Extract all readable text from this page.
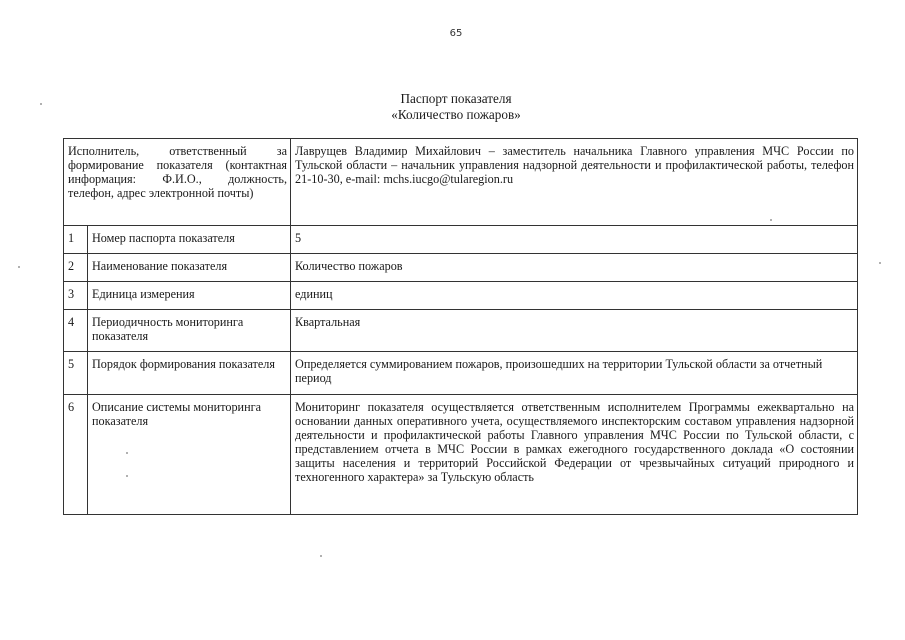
65
Паспорт показателя
«Количество пожаров»
Исполнитель, ответственный за формирование показателя (контактная информация: Ф.И.О., должность, телефон, адрес электронной почты)		Лаврущев Владимир Михайлович – заместитель начальника Главного управления МЧС России по Тульской области – начальник управления надзорной деятельности и профилактической работы, телефон 21-10-30, e-mail: mchs.iucgo@tularegion.ru
1	Номер паспорта показателя	5
2	Наименование показателя	Количество пожаров
3	Единица измерения	единиц
4	Периодичность мониторинга показателя	Квартальная
5	Порядок формирования показателя	Определяется суммированием пожаров, произошедших на территории Тульской области за отчетный период
6	Описание системы мониторинга показателя	Мониторинг показателя осуществляется ответственным исполнителем Программы ежеквартально на основании данных оперативного учета, осуществляемого инспекторским составом управления надзорной деятельности и профилактической работы Главного управления МЧС России по Тульской области, с представлением отчета в МЧС России в рамках ежегодного государственного доклада «О состоянии защиты населения и территорий Российской Федерации от чрезвычайных ситуаций природного и техногенного характера» за Тульскую область
